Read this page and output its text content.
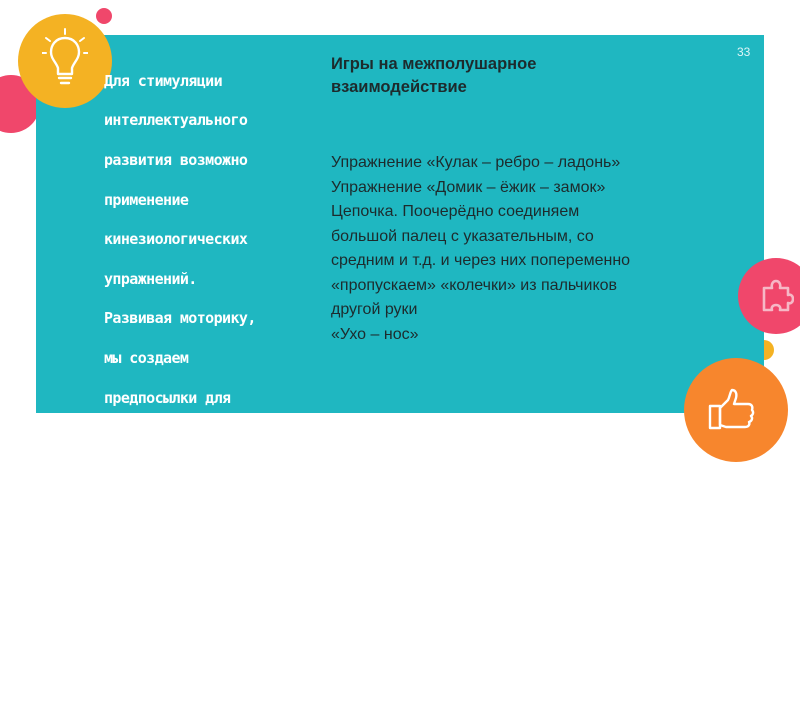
33

Для стимуляции

интеллектуального

развития возможно

применение

кинезиологических

упражнений.

Развивая моторику,

мы создаем

предпосылки для

становления многих

психических

процессов. Кинезио

логия – наука о

развитии головного

мозга через

движение.

Игры на межполушарное
взаимодействие
Упражнение «Кулак – ребро – ладонь»
Упражнение «Домик – ёжик – замок»
Цепочка. Поочерёдно соединяем
большой палец с указательным, со
средним и т.д. и через них попеременно
«пропускаем» «колечки» из пальчиков
другой руки
«Ухо – нос»
